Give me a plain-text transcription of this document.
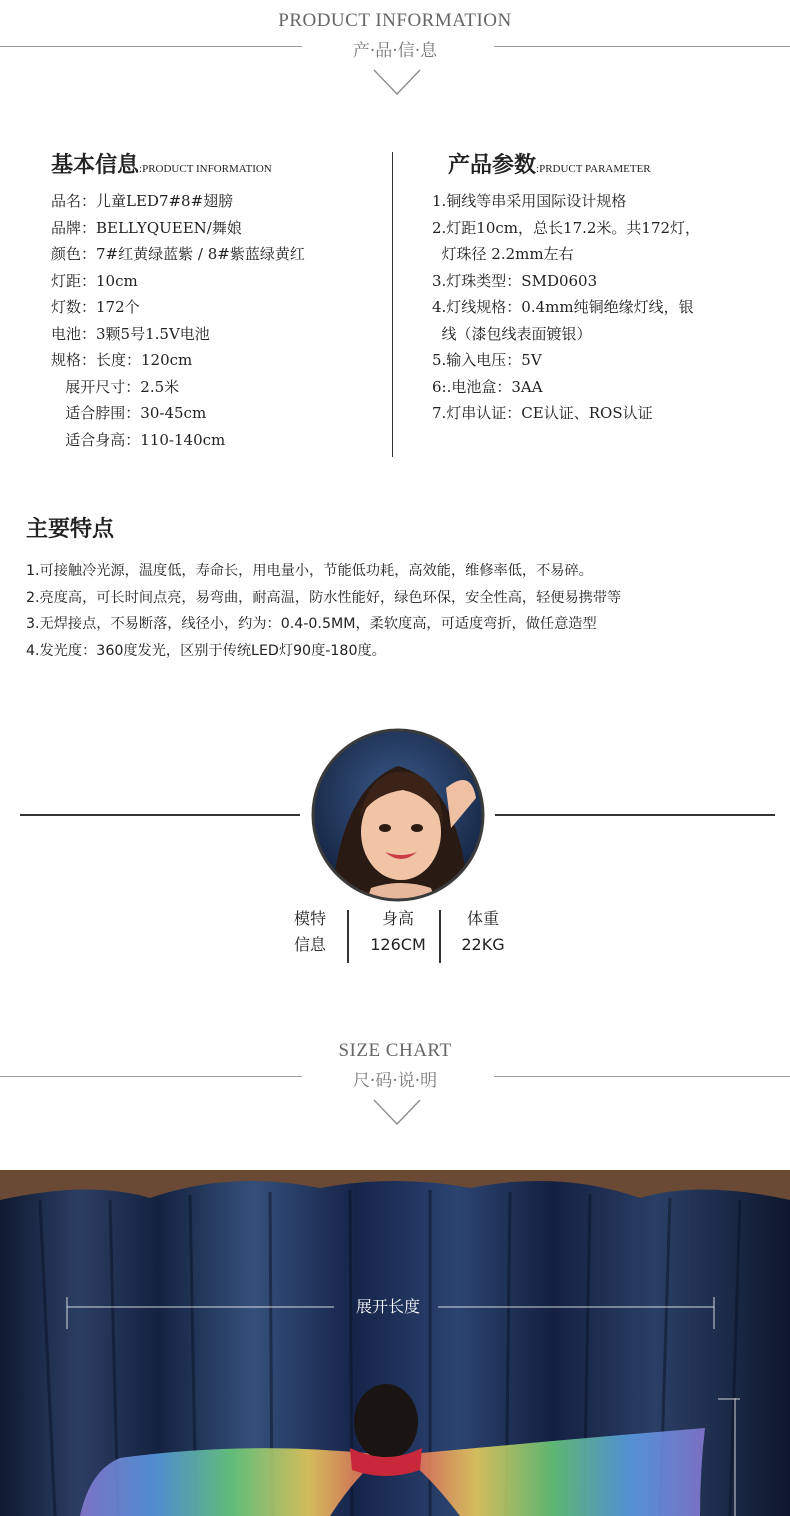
PRODUCT INFORMATION
产·品·信·息
基本信息:PRODUCT INFORMATION
品名：儿童LED7#8#翅膀
品牌：BELLYQUEEN/舞娘
颜色：7#红黄绿蓝紫 / 8#紫蓝绿黄红
灯距：10cm
灯数：172个
电池：3颗5号1.5V电池
规格：长度：120cm
展开尺寸：2.5米
适合脖围：30-45cm
适合身高：110-140cm
产品参数:PRDUCT PARAMETER
1.铜线等串采用国际设计规格
2.灯距10cm，总长17.2米。共172灯，
灯珠径 2.2mm左右
3.灯珠类型：SMD0603
4.灯线规格：0.4mm纯铜绝缘灯线，银
线（漆包线表面镀银）
5.输入电压：5V
6:.电池盒：3AA
7.灯串认证：CE认证、ROS认证
主要特点
1.可接触冷光源，温度低，寿命长，用电量小，节能低功耗，高效能，维修率低，不易碎。
2.亮度高，可长时间点亮，易弯曲，耐高温，防水性能好，绿色环保，安全性高，轻便易携带等
3.无焊接点，不易断落，线径小，约为：0.4-0.5MM，柔软度高，可适度弯折，做任意造型
4.发光度：360度发光，区别于传统LED灯90度-180度。
模特
信息
身高
126CM
体重
22KG
SIZE CHART
尺·码·说·明
展开长度
